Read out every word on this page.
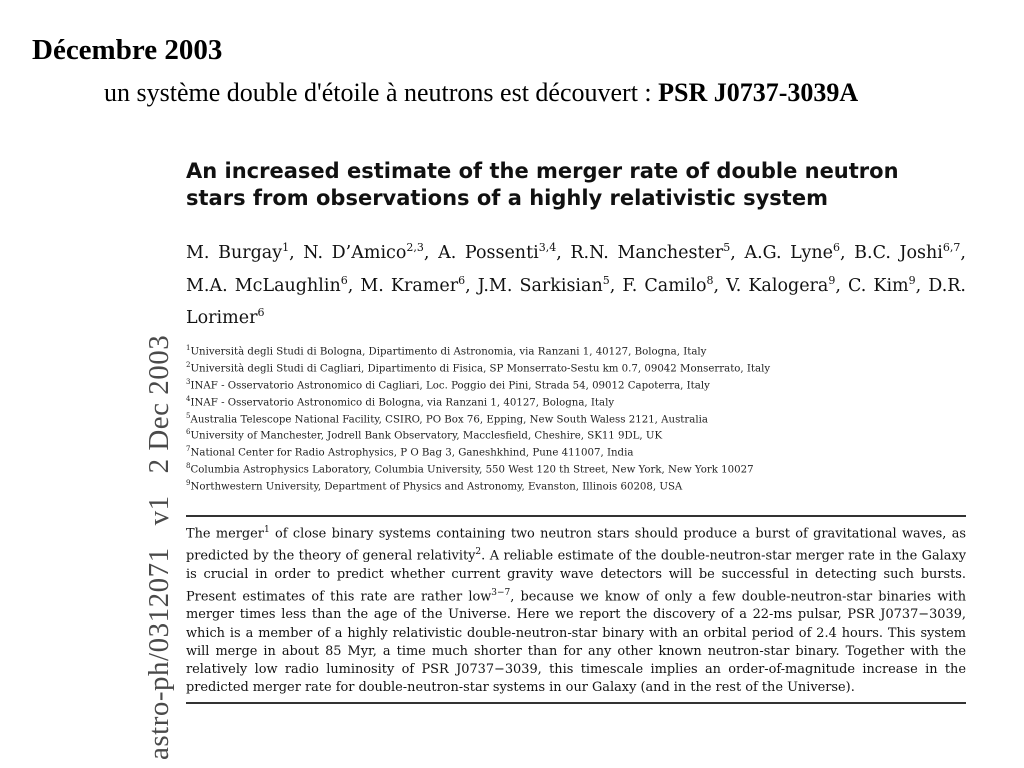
Décembre 2003
un système double d'étoile à neutrons est découvert : PSR J0737-3039A
astro-ph/0312071v12 Dec 2003
An increased estimate of the merger rate of double neutron
stars from observations of a highly relativistic system
M. Burgay$^1$, N. D’Amico$^{2,3}$, A. Possenti$^{3,4}$, R.N. Manchester$^5$, A.G. Lyne$^6$, B.C. Joshi$^{6,7}$, M.A. McLaughlin$^6$, M. Kramer$^6$, J.M. Sarkisian$^5$, F. Camilo$^8$, V. Kalogera$^9$, C. Kim$^9$, D.R. Lorimer$^6$
$^1$Università degli Studi di Bologna, Dipartimento di Astronomia, via Ranzani 1, 40127, Bologna, Italy
$^2$Università degli Studi di Cagliari, Dipartimento di Fisica, SP Monserrato-Sestu km 0.7, 09042 Monserrato, Italy
$^3$INAF - Osservatorio Astronomico di Cagliari, Loc. Poggio dei Pini, Strada 54, 09012 Capoterra, Italy
$^4$INAF - Osservatorio Astronomico di Bologna, via Ranzani 1, 40127, Bologna, Italy
$^5$Australia Telescope National Facility, CSIRO, PO Box 76, Epping, New South Waless 2121, Australia
$^6$University of Manchester, Jodrell Bank Observatory, Macclesfield, Cheshire, SK11 9DL, UK
$^7$National Center for Radio Astrophysics, P O Bag 3, Ganeshkhind, Pune 411007, India
$^8$Columbia Astrophysics Laboratory, Columbia University, 550 West 120 th Street, New York, New York 10027
$^9$Northwestern University, Department of Physics and Astronomy, Evanston, Illinois 60208, USA
The merger$^1$ of close binary systems containing two neutron stars should produce a burst of gravitational waves, as predicted by the theory of general relativity$^2$. A reliable estimate of the double-neutron-star merger rate in the Galaxy is crucial in order to predict whether current gravity wave detectors will be successful in detecting such bursts. Present estimates of this rate are rather low$^{3-7}$, because we know of only a few double-neutron-star binaries with merger times less than the age of the Universe. Here we report the discovery of a 22-ms pulsar, PSR J0737−3039, which is a member of a highly relativistic double-neutron-star binary with an orbital period of 2.4 hours. This system will merge in about 85 Myr, a time much shorter than for any other known neutron-star binary. Together with the relatively low radio luminosity of PSR J0737−3039, this timescale implies an order-of-magnitude increase in the predicted merger rate for double-neutron-star systems in our Galaxy (and in the rest of the Universe).
